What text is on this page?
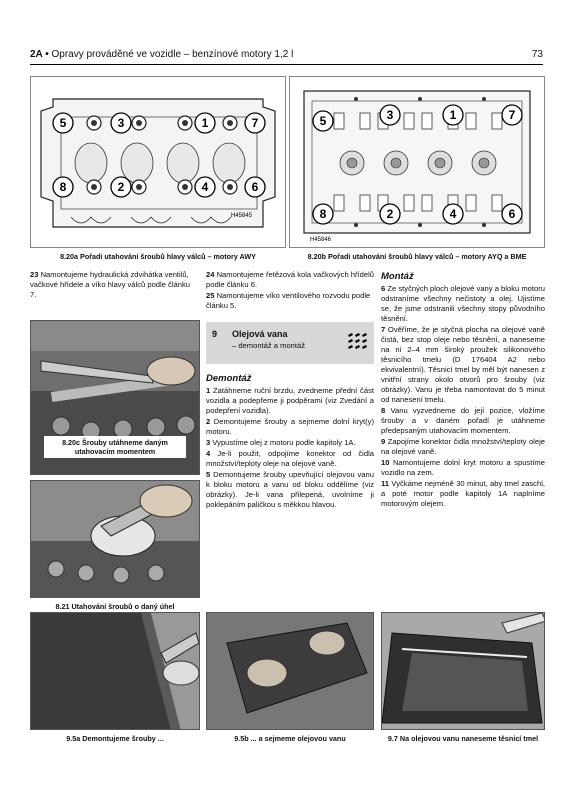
2A • Opravy prováděné ve vozidle – benzínové motory 1,2 l	73
5	3	1	7
8	2	4	6
H45845
8.20a Pořadí utahování šroubů hlavy válců – motory AWY
5	3	1	7
8	2	4	6
H45846
8.20b Pořadí utahování šroubů hlavy válců – motory AYQ a BME

23 Namontujeme hydraulická zdvihátka ventilů, vačkové hřídele a víko hlavy válců podle článku 7.

8.20c Šrouby utáhneme daným utahovacím momentem
8.21 Utahování šroubů o daný úhel

24 Namontujeme řetězová kola vačkových hřídelů podle článku 6.

25 Namontujeme víko ventilového rozvodu podle článku 5.

9 Olejová vana
– demontáž a montáž
Demontáž

1 Zatáhneme ruční brzdu, zvedneme přední část vozidla a podepřeme ji podpěrami (viz Zvedání a podepření vozidla).

2 Demontujeme šrouby a sejmeme dolní kryt(y) motoru.

3 Vypustíme olej z motoru podle kapitoly 1A.

4 Je-li použit, odpojíme konektor od čidla množství/teploty oleje na olejové vaně.

5 Demontujeme šrouby upevňující olejovou vanu k bloku motoru a vanu od bloku oddělíme (viz obrázky). Je-li vana přilepená, uvolníme ji poklepáním paličkou s měkkou hlavou.

Montáž

6 Ze styčných ploch olejové vany a bloku motoru odstraníme všechny nečistoty a olej. Ujistíme se, že jsme odstranili všechny stopy původního těsnění.

7 Ověříme, že je styčná plocha na olejové vaně čistá, bez stop oleje nebo těsnění, a naneseme na ni 2–4 mm široký proužek silikonového těsnicího tmelu (D 176404 A2 nebo ekvivalentní). Těsnicí tmel by měl být nanesen z vnitřní strany okolo otvorů pro šrouby (viz obrázky). Vanu je třeba namontovat do 5 minut od nanesení tmelu.

8 Vanu vyzvedneme do její pozice, vložíme šrouby a v daném pořadí je utáhneme předepsaným utahovacím momentem.

9 Zapojíme konektor čidla množství/teploty oleje na olejové vaně.

10 Namontujeme dolní kryt motoru a spustíme vozidlo na zem.

11 Vyčkáme nejméně 30 minut, aby tmel zaschl, a poté motor podle kapitoly 1A naplníme motorovým olejem.

9.5a Demontujeme šrouby ...	9.5b ... a sejmeme olejovou vanu	9.7 Na olejovou vanu naneseme těsnicí tmel
